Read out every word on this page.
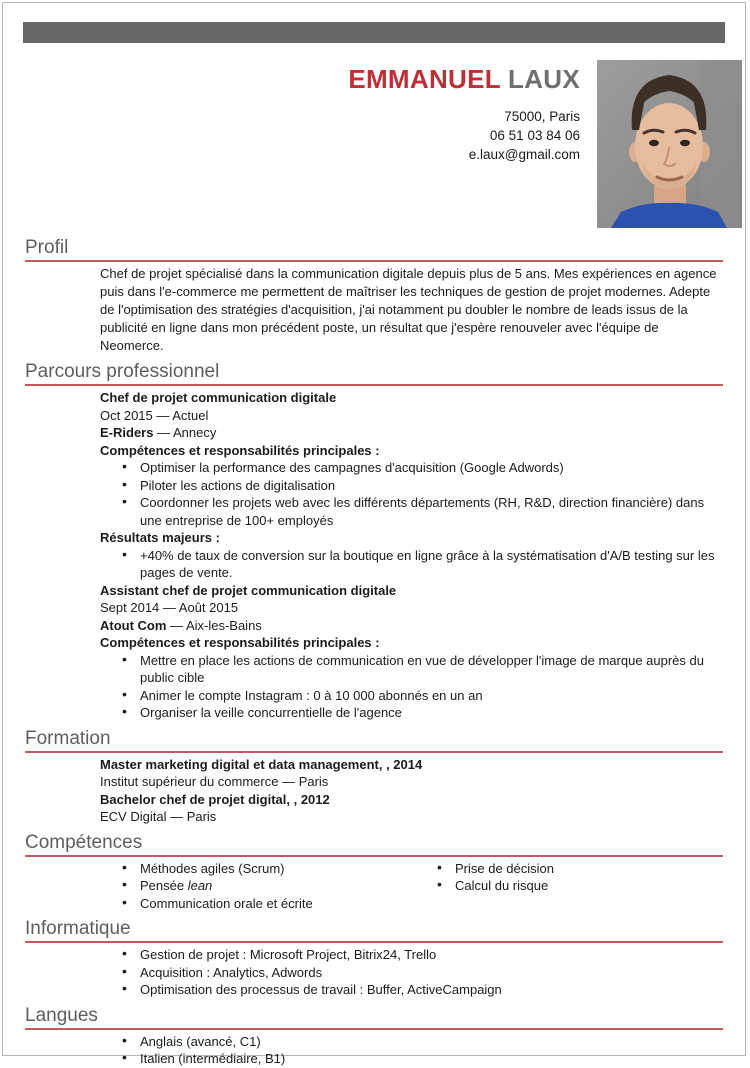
EMMANUEL LAUX
75000, Paris
06 51 03 84 06
e.laux@gmail.com
Profil
Chef de projet spécialisé dans la communication digitale depuis plus de 5 ans. Mes expériences en agence puis dans l'e-commerce me permettent de maîtriser les techniques de gestion de projet modernes. Adepte de l'optimisation des stratégies d'acquisition, j'ai notamment pu doubler le nombre de leads issus de la publicité en ligne dans mon précédent poste, un résultat que j'espère renouveler avec l'équipe de Neomerce.
Parcours professionnel
Chef de projet communication digitale
Oct 2015 — Actuel
E-Riders — Annecy
Compétences et responsabilités principales :
• Optimiser la performance des campagnes d'acquisition (Google Adwords)
• Piloter les actions de digitalisation
• Coordonner les projets web avec les différents départements (RH, R&D, direction financière) dans une entreprise de 100+ employés
Résultats majeurs :
• +40% de taux de conversion sur la boutique en ligne grâce à la systématisation d'A/B testing sur les pages de vente.
Assistant chef de projet communication digitale
Sept 2014 — Août 2015
Atout Com — Aix-les-Bains
Compétences et responsabilités principales :
• Mettre en place les actions de communication en vue de développer l'image de marque auprès du public cible
• Animer le compte Instagram : 0 à 10 000 abonnés en un an
• Organiser la veille concurrentielle de l'agence
Formation
Master marketing digital et data management, , 2014
Institut supérieur du commerce — Paris
Bachelor chef de projet digital, , 2012
ECV Digital — Paris
Compétences
• Méthodes agiles (Scrum)
• Pensée lean
• Communication orale et écrite
• Prise de décision
• Calcul du risque
Informatique
• Gestion de projet : Microsoft Project, Bitrix24, Trello
• Acquisition : Analytics, Adwords
• Optimisation des processus de travail : Buffer, ActiveCampaign
Langues
• Anglais (avancé, C1)
• Italien (intermédiaire, B1)
